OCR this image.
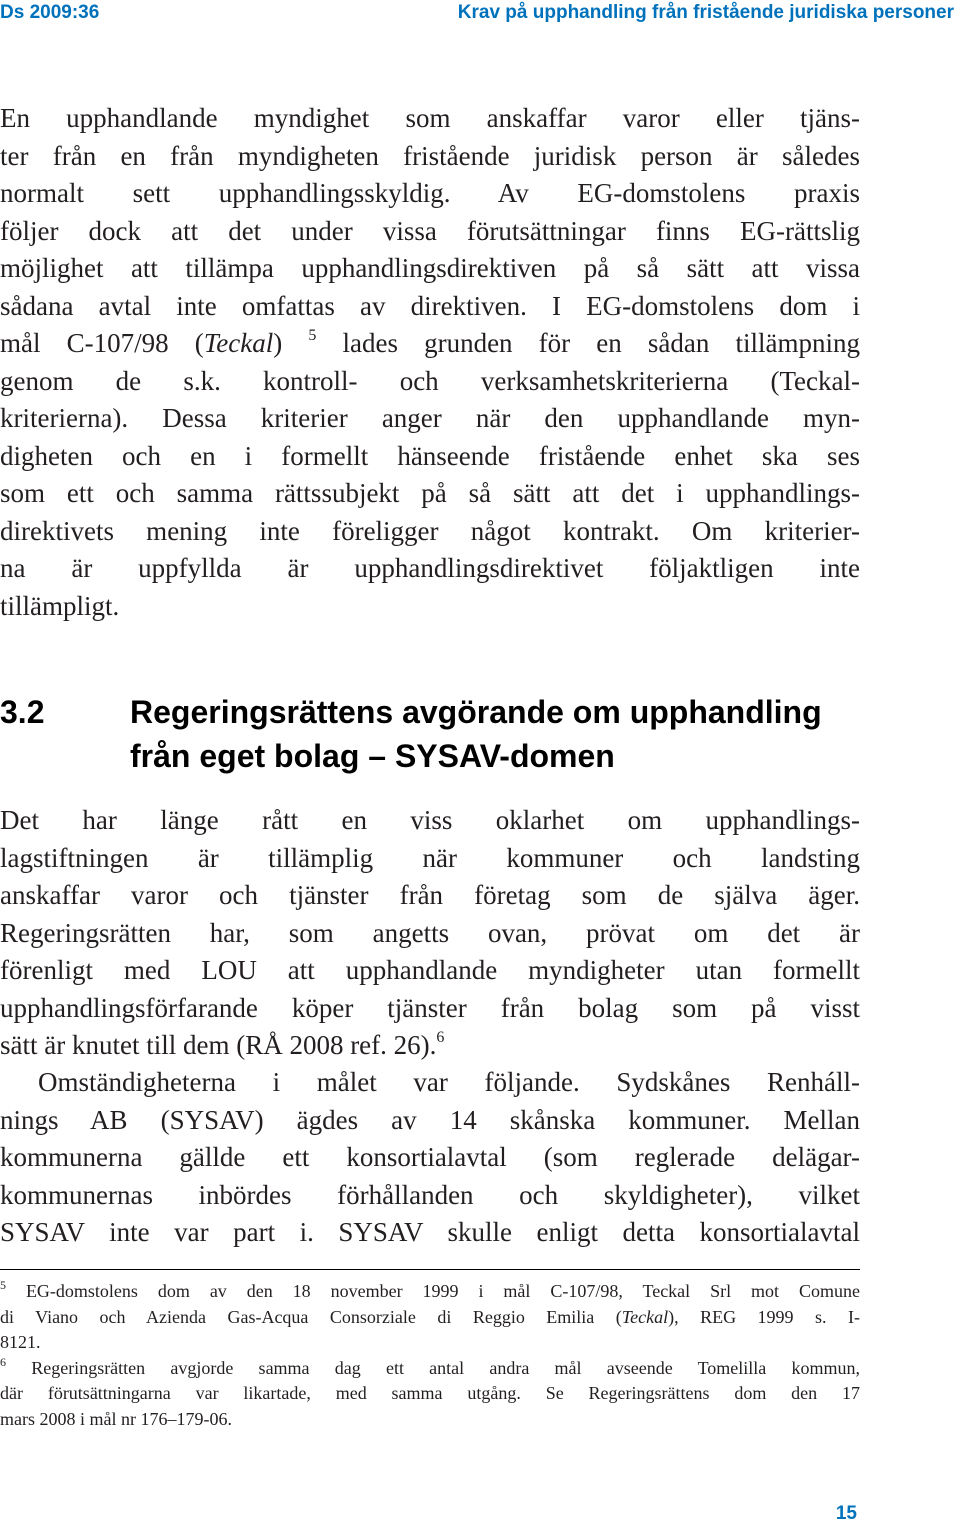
Ds 2009:36	Krav på upphandling från fristående juridiska personer
En upphandlande myndighet som anskaffar varor eller tjäns-
ter från en från myndigheten fristående juridisk person är således
normalt sett upphandlingsskyldig. Av EG-domstolens praxis
följer dock att det under vissa förutsättningar finns EG-rättslig
möjlighet att tillämpa upphandlingsdirektiven på så sätt att vissa
sådana avtal inte omfattas av direktiven. I EG-domstolens dom i
mål C-107/98 (Teckal) $^5$ lades grunden för en sådan tillämpning
genom de s.k. kontroll- och verksamhetskriterierna (Teckal-
kriterierna). Dessa kriterier anger när den upphandlande myn-
digheten och en i formellt hänseende fristående enhet ska ses
som ett och samma rättssubjekt på så sätt att det i upphandlings-
direktivets mening inte föreligger något kontrakt. Om kriterier-
na är uppfyllda är upphandlingsdirektivet följaktligen inte
tillämpligt.
3.2	Regeringsrättens avgörande om upphandling
från eget bolag – SYSAV-domen
Det har länge rått en viss oklarhet om upphandlings-
lagstiftningen är tillämplig när kommuner och landsting
anskaffar varor och tjänster från företag som de själva äger.
Regeringsrätten har, som angetts ovan, prövat om det är
förenligt med LOU att upphandlande myndigheter utan formellt
upphandlingsförfarande köper tjänster från bolag som på visst
sätt är knutet till dem (RÅ 2008 ref. 26).$^6$
Omständigheterna i målet var följande. Sydskånes Renháll-
nings AB (SYSAV) ägdes av 14 skånska kommuner. Mellan
kommunerna gällde ett konsortialavtal (som reglerade delägar-
kommunernas inbördes förhållanden och skyldigheter), vilket
SYSAV inte var part i. SYSAV skulle enligt detta konsortialavtal
$^5$ EG-domstolens dom av den 18 november 1999 i mål C-107/98, Teckal Srl mot Comune
di Viano och Azienda Gas-Acqua Consorziale di Reggio Emilia (Teckal), REG 1999 s. I-
8121.
$^6$ Regeringsrätten avgjorde samma dag ett antal andra mål avseende Tomelilla kommun,
där förutsättningarna var likartade, med samma utgång. Se Regeringsrättens dom den 17
mars 2008 i mål nr 176–179-06.
15
